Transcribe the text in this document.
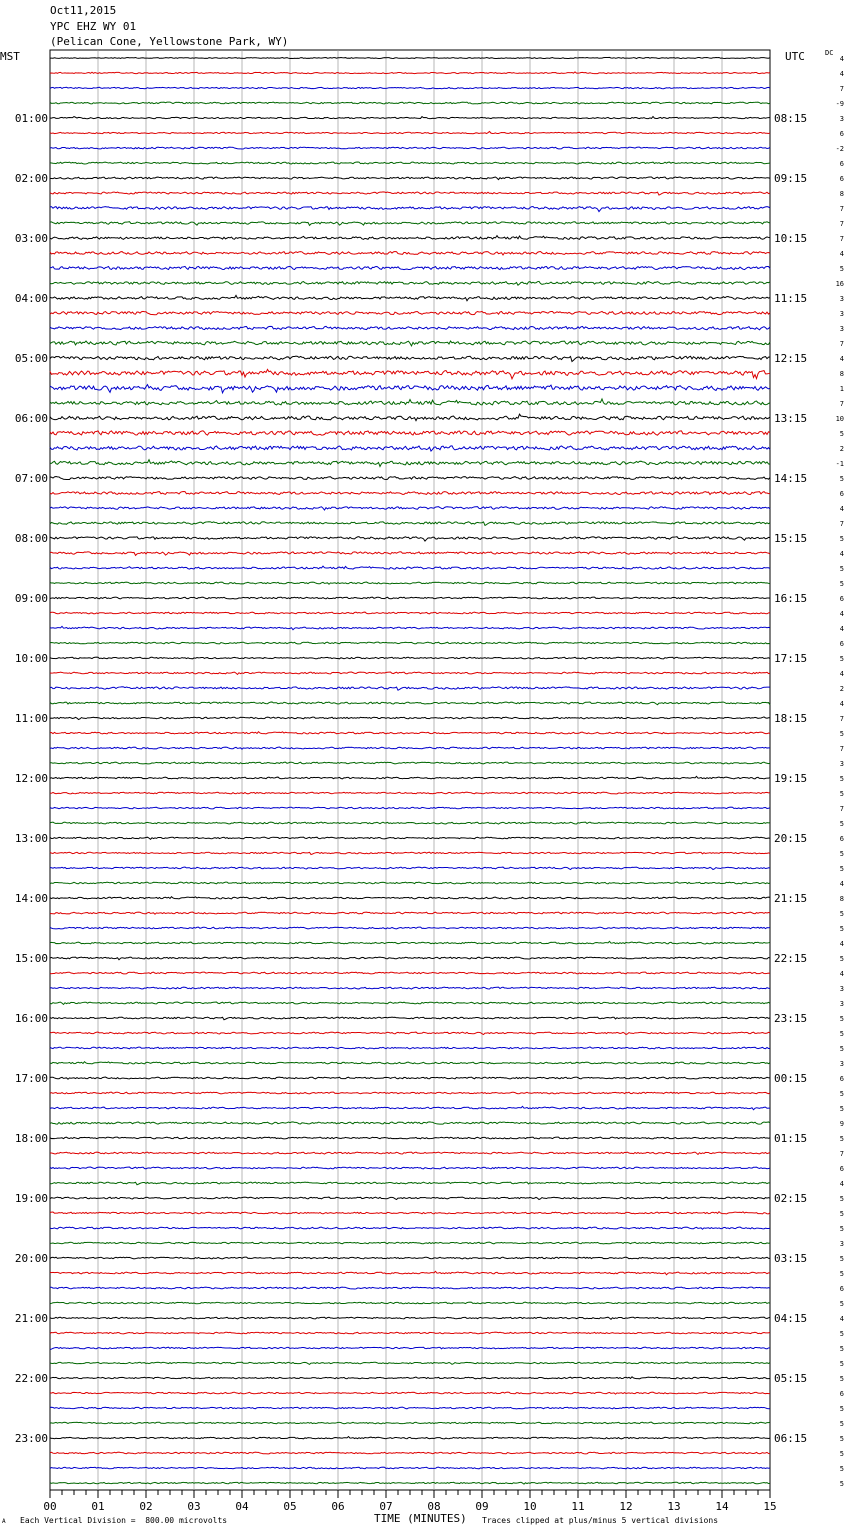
Oct11,2015
YPC EHZ WY 01
(Pelican Cone, Yellowstone Park, WY)
MST	UTC	DC
4
4
7
-9
3
6
-2
6
6
8
7
7
7
4
5
16
3
3
3
7
4
8
1
7
10
5
2
-1
5
6
4
7
5
4
5
5
6
4
4
6
5
4
2
4
7
5
7
3
5
5
7
5
6
5
5
4
8
5
5
4
5
4
3
3
5
5
5
3
6
5
5
9
5
7
6
4
5
5
5
3
5
5
6
5
4
5
5
5
5
6
5
5
5
5
5
5
01:00	08:15
02:00	09:15
03:00	10:15
04:00	11:15
05:00	12:15
06:00	13:15
07:00	14:15
08:00	15:15
09:00	16:15
10:00	17:15
11:00	18:15
12:00	19:15
13:00	20:15
14:00	21:15
15:00	22:15
16:00	23:15
17:00	00:15
18:00	01:15
19:00	02:15
20:00	03:15
21:00	04:15
22:00	05:15
23:00	06:15
00	01	02	03	04	05	06	07	08	09	10	11	12	13	14	15
A Each Vertical Division =  800.00 microvolts	TIME (MINUTES) Traces clipped at plus/minus 5 vertical divisions
